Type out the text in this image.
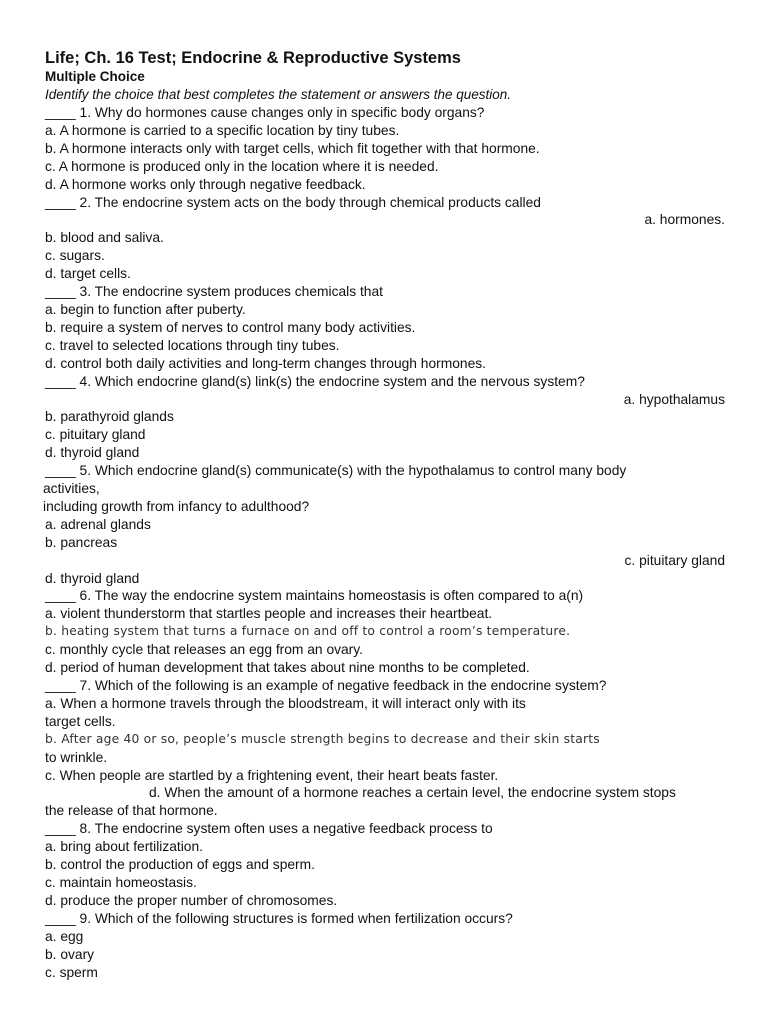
Life; Ch. 16 Test; Endocrine & Reproductive Systems

Multiple Choice

Identify the choice that best completes the statement or answers the question.

____ 1. Why do hormones cause changes only in specific body organs?

a. A hormone is carried to a specific location by tiny tubes.

b. A hormone interacts only with target cells, which fit together with that hormone.

c. A hormone is produced only in the location where it is needed.

d. A hormone works only through negative feedback.

____ 2. The endocrine system acts on the body through chemical products called

a. hormones.

b. blood and saliva.

c. sugars.

d. target cells.

____ 3. The endocrine system produces chemicals that

a. begin to function after puberty.

b. require a system of nerves to control many body activities.

c. travel to selected locations through tiny tubes.

d. control both daily activities and long-term changes through hormones.

____ 4. Which endocrine gland(s) link(s) the endocrine system and the nervous system?

a. hypothalamus

b. parathyroid glands

c. pituitary gland

d. thyroid gland

____ 5. Which endocrine gland(s) communicate(s) with the hypothalamus to control many body

activities,

including growth from infancy to adulthood?

a. adrenal glands

b. pancreas

c. pituitary gland

d. thyroid gland

____ 6. The way the endocrine system maintains homeostasis is often compared to a(n)

a. violent thunderstorm that startles people and increases their heartbeat.

b. heating system that turns a furnace on and off to control a room’s temperature.

c. monthly cycle that releases an egg from an ovary.

d. period of human development that takes about nine months to be completed.

____ 7. Which of the following is an example of negative feedback in the endocrine system?

a. When a hormone travels through the bloodstream, it will interact only with its

target cells.

b. After age 40 or so, people’s muscle strength begins to decrease and their skin starts

to wrinkle.

c. When people are startled by a frightening event, their heart beats faster.

d. When the amount of a hormone reaches a certain level, the endocrine system stops

the release of that hormone.

____ 8. The endocrine system often uses a negative feedback process to

a. bring about fertilization.

b. control the production of eggs and sperm.

c. maintain homeostasis.

d. produce the proper number of chromosomes.

____ 9. Which of the following structures is formed when fertilization occurs?

a. egg

b. ovary

c. sperm
